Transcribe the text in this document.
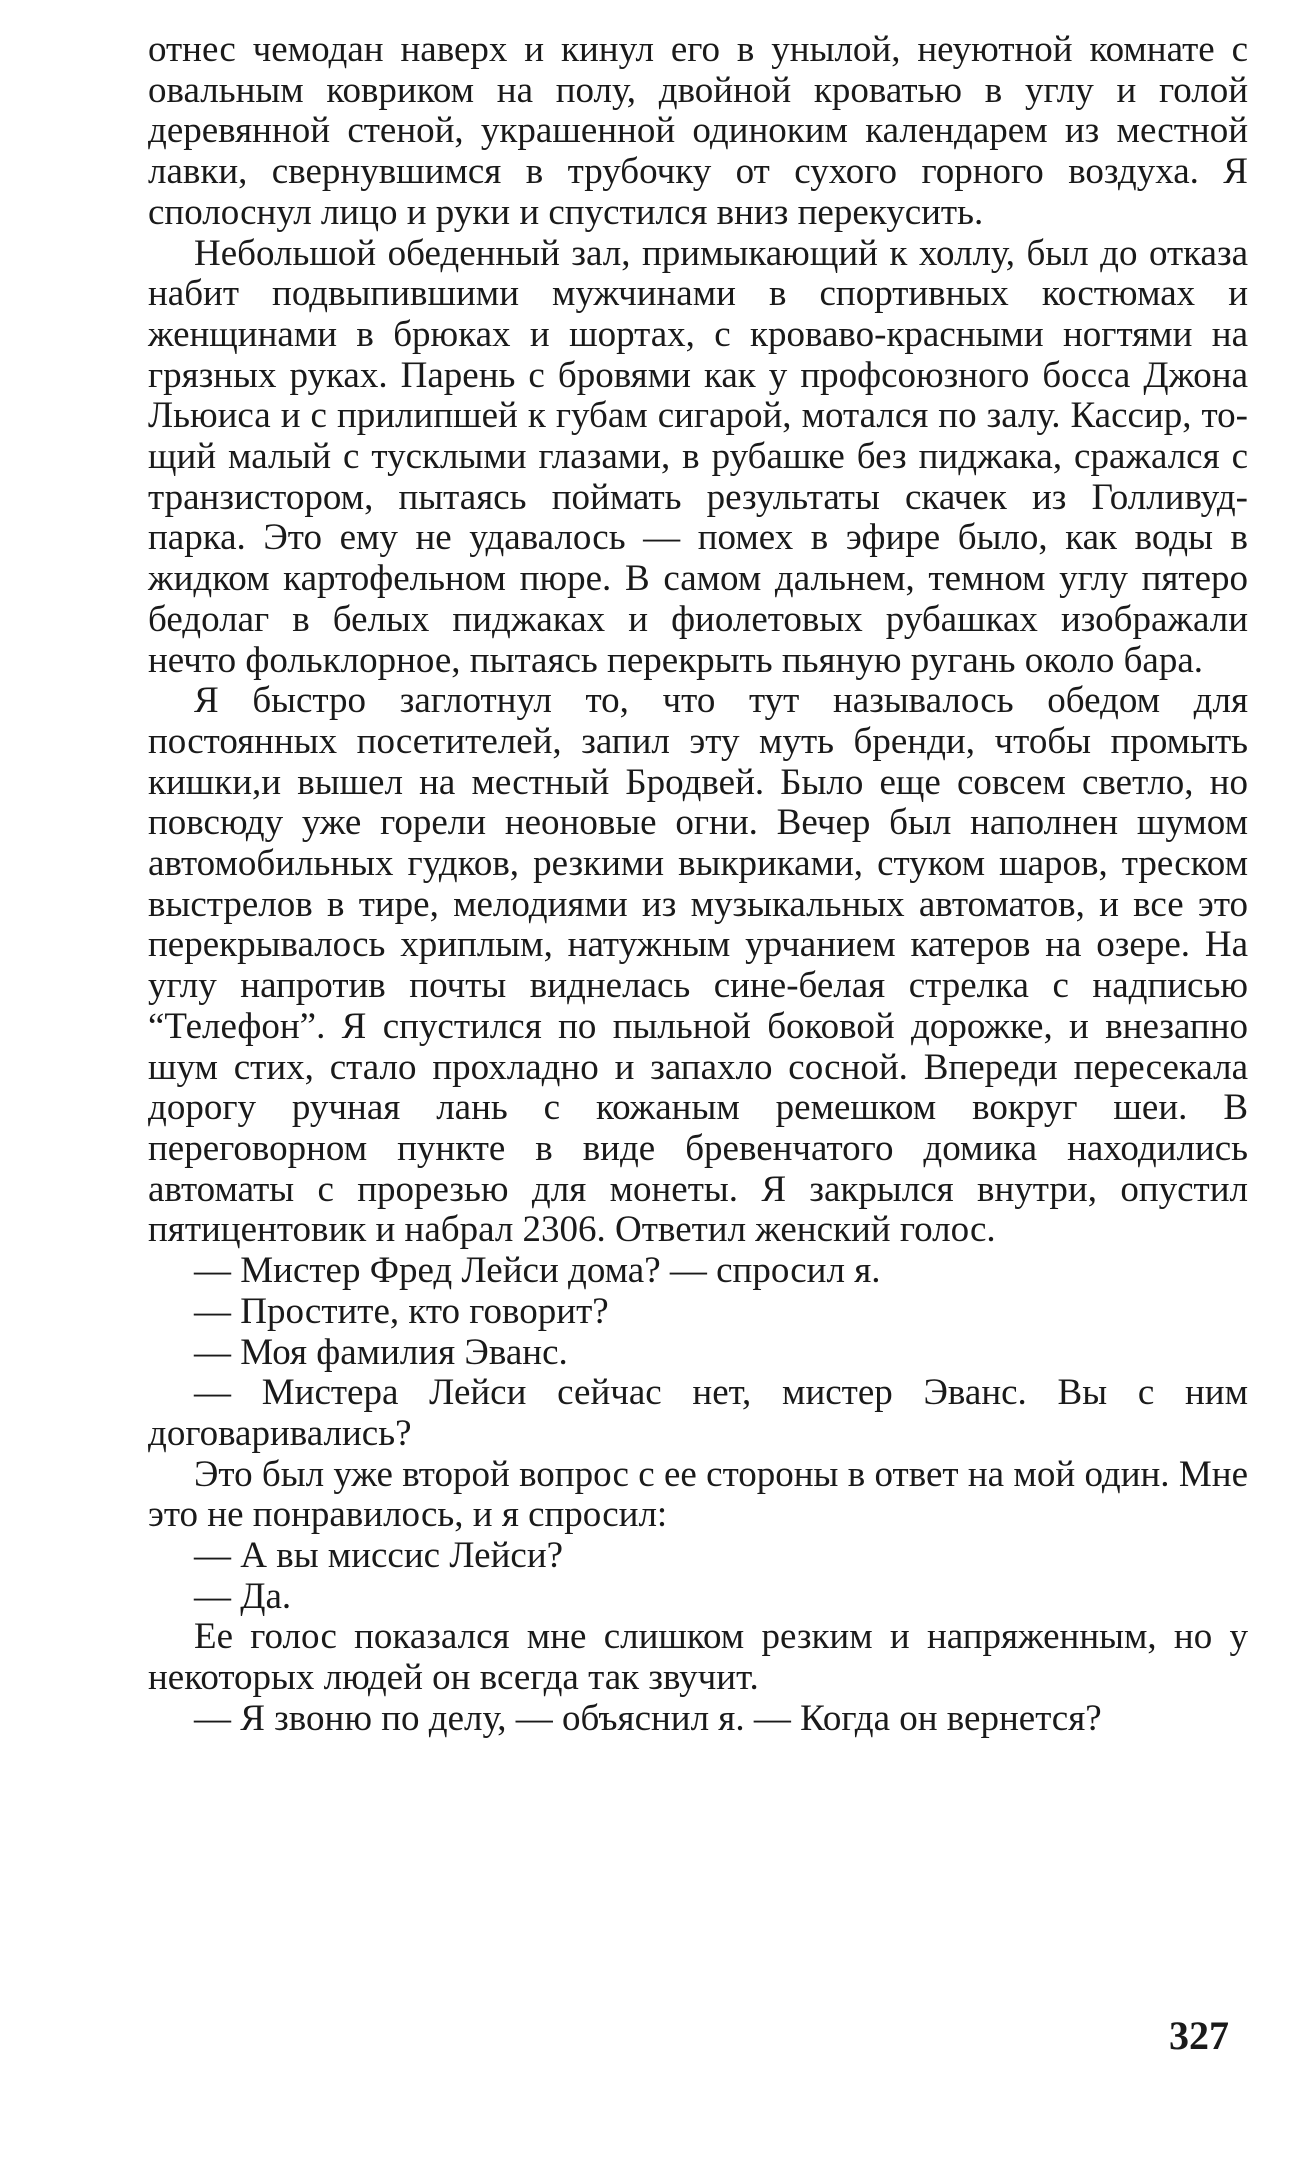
отнес чемодан наверх и кинул его в унылой, неуютной комнате с овальным ковриком на полу, двойной кроватью в углу и голой деревянной стеной, украшенной одиноким календарем из местной лавки, свернувшимся в трубочку от сухого горного воздуха. Я сполоснул лицо и руки и спустился вниз перекусить.

Небольшой обеденный зал, примыкающий к холлу, был до отказа набит подвыпившими мужчинами в спортивных костюмах и женщинами в брюках и шортах, с кроваво-красными ногтями на грязных руках. Парень с бровями как у профсоюзного босса Джона Льюиса и с прилипшей к губам сигарой, мотался по залу. Кассир, тощий малый с тусклыми глазами, в рубашке без пиджака, сражался с транзистором, пытаясь поймать результаты скачек из Голливуд-парка. Это ему не удавалось — помех в эфире было, как воды в жидком картофельном пюре. В самом дальнем, темном углу пятеро бедолаг в белых пиджаках и фиолетовых рубашках изображали нечто фольклорное, пытаясь перекрыть пьяную ругань около бара.

Я быстро заглотнул то, что тут называлось обедом для постоянных посетителей, запил эту муть бренди, чтобы промыть кишки,и вышел на местный Бродвей. Было еще совсем светло, но повсюду уже горели неоновые огни. Вечер был наполнен шумом автомобильных гудков, резкими выкриками, стуком шаров, треском выстрелов в тире, мелодиями из музыкальных автоматов, и все это перекрывалось хриплым, натужным урчанием катеров на озере. На углу напротив почты виднелась сине-белая стрелка с надписью “Телефон”. Я спустился по пыльной боковой дорожке, и внезапно шум стих, стало прохладно и запахло сосной. Впереди пересекала дорогу ручная лань с кожаным ремешком вокруг шеи. В переговорном пункте в виде бревенчатого домика находились автоматы с прорезью для монеты. Я закрылся внутри, опустил пятицентовик и набрал 2306. Ответил женский голос.

— Мистер Фред Лейси дома? — спросил я.

— Простите, кто говорит?

— Моя фамилия Эванс.

— Мистера Лейси сейчас нет, мистер Эванс. Вы с ним договаривались?

Это был уже второй вопрос с ее стороны в ответ на мой один. Мне это не понравилось, и я спросил:

— А вы миссис Лейси?

— Да.

Ее голос показался мне слишком резким и напряженным, но у некоторых людей он всегда так звучит.

— Я звоню по делу, — объяснил я. — Когда он вернется?

327
